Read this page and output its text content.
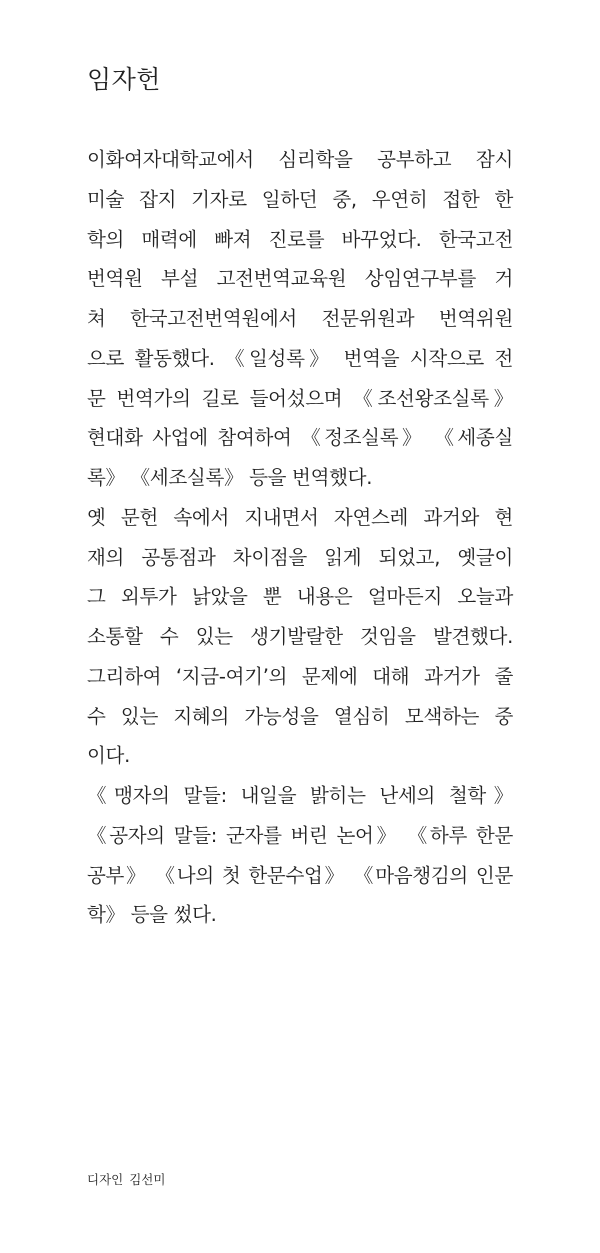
임자헌
이화여자대학교에서 심리학을 공부하고 잠시
미술 잡지 기자로 일하던 중, 우연히 접한 한
학의 매력에 빠져 진로를 바꾸었다. 한국고전
번역원 부설 고전번역교육원 상임연구부를 거
쳐 한국고전번역원에서 전문위원과 번역위원
으로 활동했다. 《일성록》 번역을 시작으로 전
문 번역가의 길로 들어섰으며 《조선왕조실록》
현대화 사업에 참여하여 《정조실록》 《세종실
록》 《세조실록》 등을 번역했다.
옛 문헌 속에서 지내면서 자연스레 과거와 현
재의 공통점과 차이점을 읽게 되었고, 옛글이
그 외투가 낡았을 뿐 내용은 얼마든지 오늘과
소통할 수 있는 생기발랄한 것임을 발견했다.
그리하여 ‘지금-여기’의 문제에 대해 과거가 줄
수 있는 지혜의 가능성을 열심히 모색하는 중
이다.
《맹자의 말들: 내일을 밝히는 난세의 철학》
《공자의 말들: 군자를 버린 논어》 《하루 한문
공부》 《나의 첫 한문수업》 《마음챙김의 인문
학》 등을 썼다.

디자인 김선미
